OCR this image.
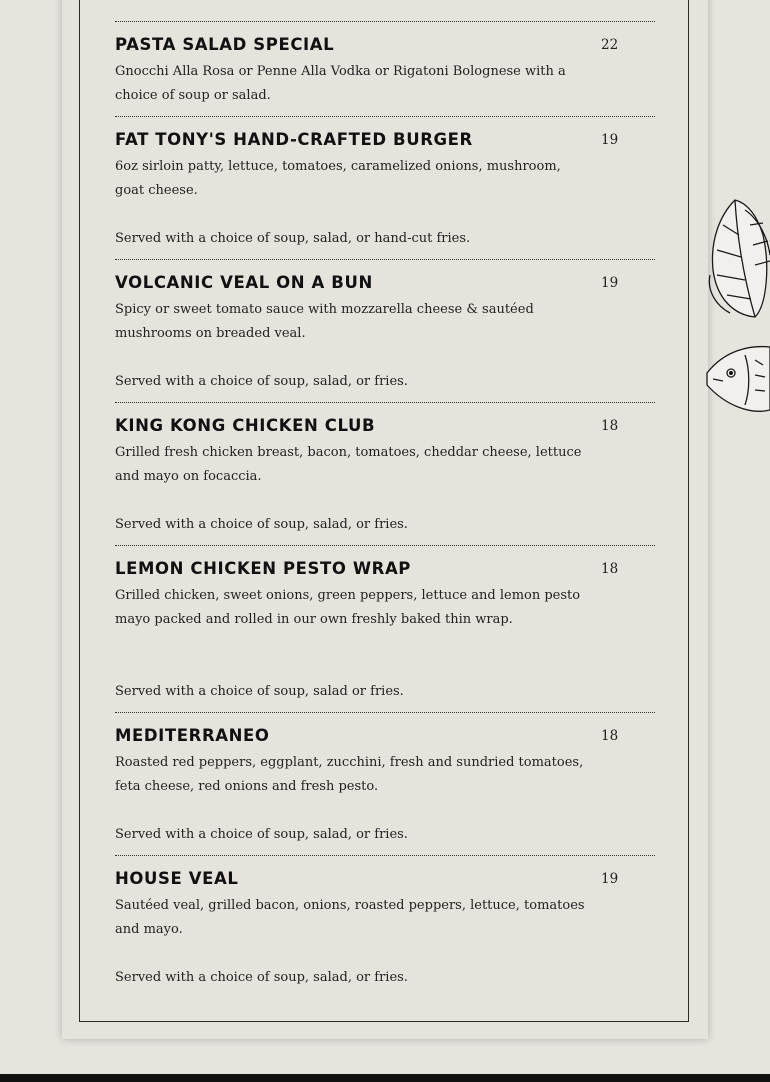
PASTA SALAD SPECIAL	22
Gnocchi Alla Rosa or Penne Alla Vodka or Rigatoni Bolognese with a choice of soup or salad.
FAT TONY'S HAND-CRAFTED BURGER	19
6oz sirloin patty, lettuce, tomatoes, caramelized onions, mushroom, goat cheese.
Served with a choice of soup, salad, or hand-cut fries.
VOLCANIC VEAL ON A BUN	19
Spicy or sweet tomato sauce with mozzarella cheese & sautéed mushrooms on breaded veal.
Served with a choice of soup, salad, or fries.
KING KONG CHICKEN CLUB	18
Grilled fresh chicken breast, bacon, tomatoes, cheddar cheese, lettuce and mayo on focaccia.
Served with a choice of soup, salad, or fries.
LEMON CHICKEN PESTO WRAP	18
Grilled chicken, sweet onions, green peppers, lettuce and lemon pesto mayo packed and rolled in our own freshly baked thin wrap.
Served with a choice of soup, salad or fries.
MEDITERRANEO	18
Roasted red peppers, eggplant, zucchini, fresh and sundried tomatoes, feta cheese, red onions and fresh pesto.
Served with a choice of soup, salad, or fries.
HOUSE VEAL	19
Sautéed veal, grilled bacon, onions, roasted peppers, lettuce, tomatoes and mayo.
Served with a choice of soup, salad, or fries.
